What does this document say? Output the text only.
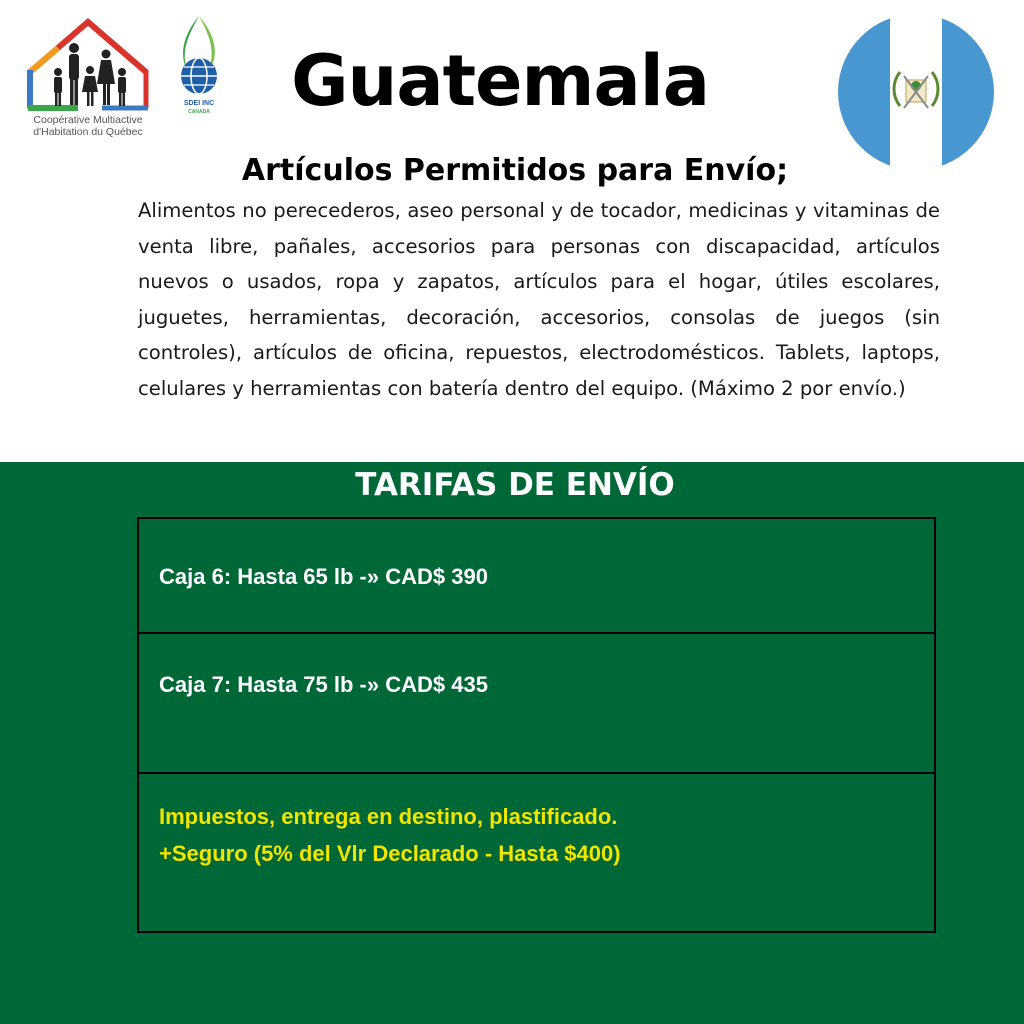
Coopérative Multiactive
d'Habitation du Québec
SDEI INC
CANADA	Guatemala
Artículos Permitidos para Envío;
Alimentos no perecederos, aseo personal y de tocador, medicinas y vitaminas de venta libre, pañales, accesorios para personas con discapacidad, artículos nuevos o usados, ropa y zapatos, artículos para el hogar, útiles escolares, juguetes, herramientas, decoración, accesorios, consolas de juegos (sin controles), artículos de oficina, repuestos, electrodomésticos. Tablets, laptops, celulares y herramientas con batería dentro del equipo. (Máximo 2 por envío.)
TARIFAS DE ENVÍO
Caja 6: Hasta 65 lb -» CAD$ 390
Caja 7: Hasta 75 lb -» CAD$ 435
Impuestos, entrega en destino, plastificado.
+Seguro (5% del Vlr Declarado - Hasta $400)
